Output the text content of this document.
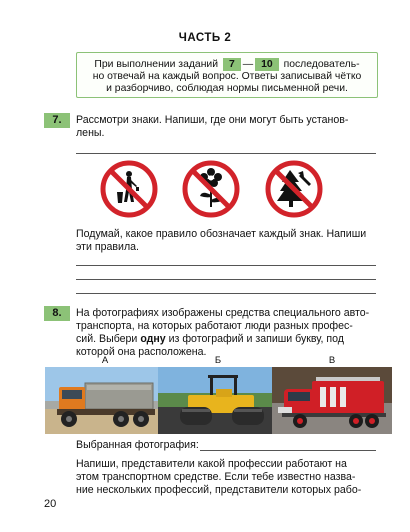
ЧАСТЬ 2
При выполнении заданий 7 — 10 последователь-
но отвечай на каждый вопрос. Ответы записывай чётко
и разборчиво, соблюдая нормы письменной речи.
7.	Рассмотри знаки. Напиши, где они могут быть установ-
лены.
Подумай, какое правило обозначает каждый знак. Напиши
эти правила.
8.	На фотографиях изображены средства специального авто-
транспорта, на которых работают люди разных профес-
сий. Выбери одну из фотографий и запиши букву, под
которой она расположена.
А	Б	В
Выбранная фотография:
Напиши, представители какой профессии работают на
этом транспортном средстве. Если тебе известно назва-
ние нескольких профессий, представители которых рабо-
20
